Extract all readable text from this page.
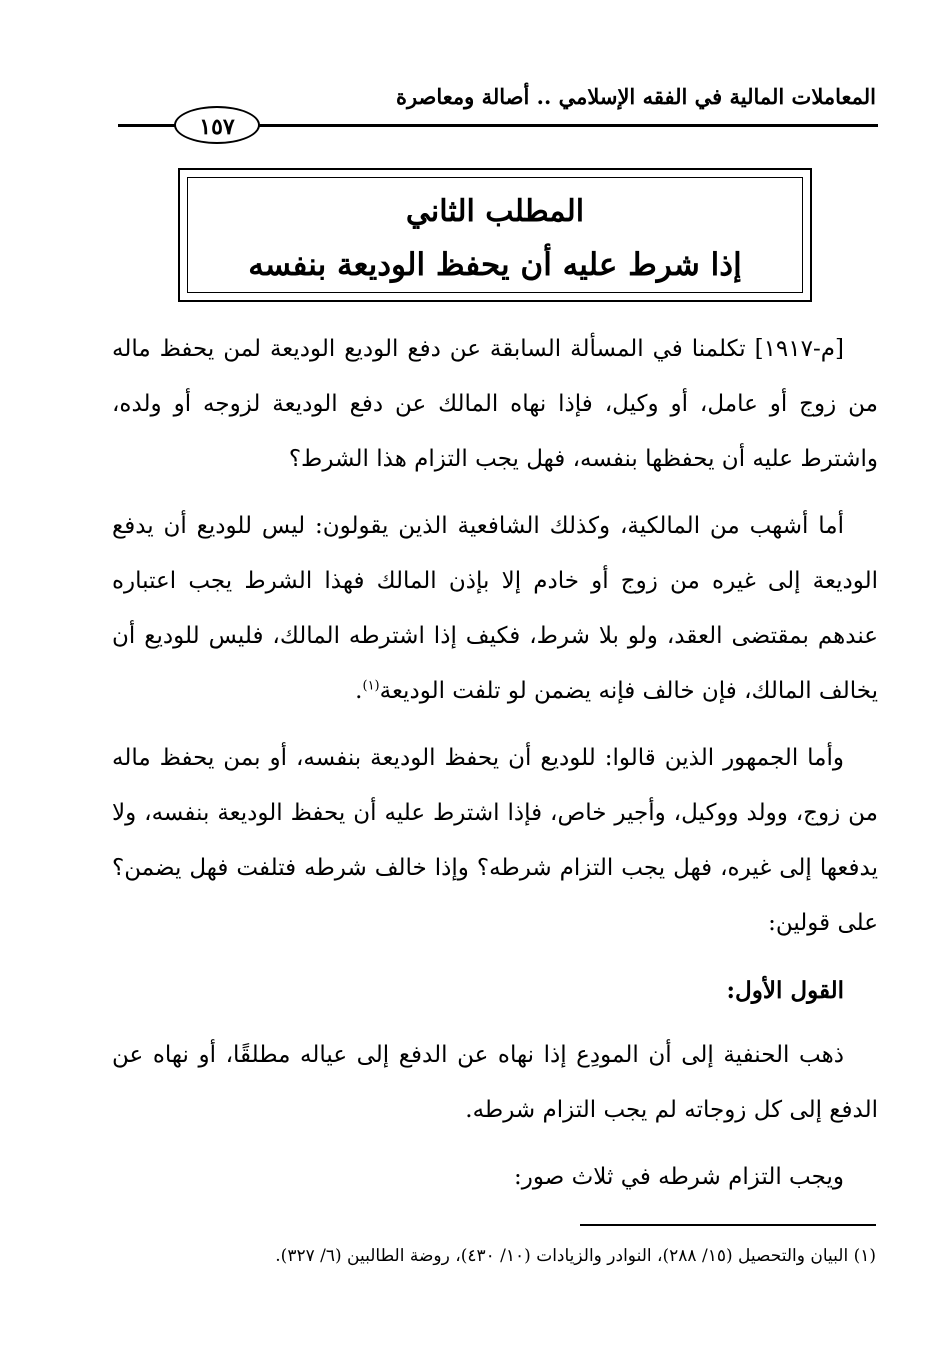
المعاملات المالية في الفقه الإسلامي .. أصالة ومعاصرة
١٥٧
المطلب الثاني
إذا شرط عليه أن يحفظ الوديعة بنفسه

[م-١٩١٧] تكلمنا في المسألة السابقة عن دفع الوديع الوديعة لمن يحفظ ماله من زوج أو عامل، أو وكيل، فإذا نهاه المالك عن دفع الوديعة لزوجه أو ولده، واشترط عليه أن يحفظها بنفسه، فهل يجب التزام هذا الشرط؟

أما أشهب من المالكية، وكذلك الشافعية الذين يقولون: ليس للوديع أن يدفع الوديعة إلى غيره من زوج أو خادم إلا بإذن المالك فهذا الشرط يجب اعتباره عندهم بمقتضى العقد، ولو بلا شرط، فكيف إذا اشترطه المالك، فليس للوديع أن يخالف المالك، فإن خالف فإنه يضمن لو تلفت الوديعة$^{(١)}$.

وأما الجمهور الذين قالوا: للوديع أن يحفظ الوديعة بنفسه، أو بمن يحفظ ماله من زوج، وولد ووكيل، وأجير خاص، فإذا اشترط عليه أن يحفظ الوديعة بنفسه، ولا يدفعها إلى غيره، فهل يجب التزام شرطه؟ وإذا خالف شرطه فتلفت فهل يضمن؟ على قولين:

القول الأول:

ذهب الحنفية إلى أن المودِع إذا نهاه عن الدفع إلى عياله مطلقًا، أو نهاه عن الدفع إلى كل زوجاته لم يجب التزام شرطه.

ويجب التزام شرطه في ثلاث صور:

(١) البيان والتحصيل (١٥/ ٢٨٨)، النوادر والزيادات (١٠/ ٤٣٠)، روضة الطالبين (٦/ ٣٢٧).
